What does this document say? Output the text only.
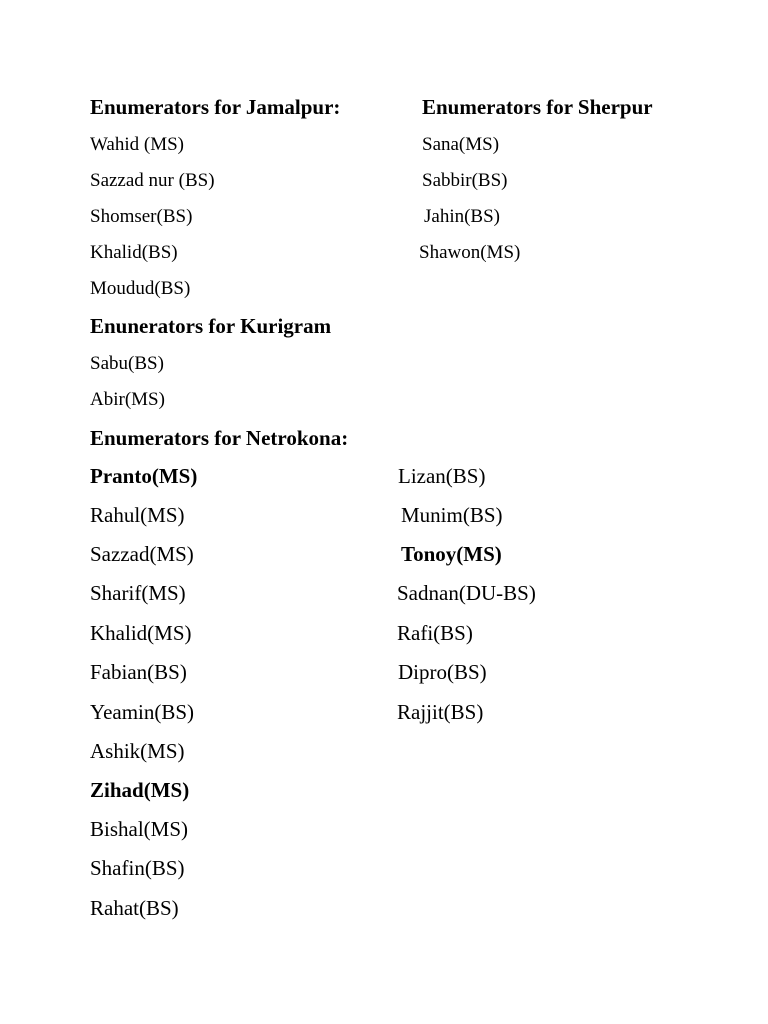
Enumerators for Jamalpur:
Wahid (MS)
Sazzad nur (BS)
Shomser(BS)
Khalid(BS)
Moudud(BS)
Enumerators for Sherpur
Sana(MS)
Sabbir(BS)
Jahin(BS)
Shawon(MS)
Enunerators for Kurigram
Sabu(BS)
Abir(MS)
Enumerators for Netrokona:
Pranto(MS)
Rahul(MS)
Sazzad(MS)
Sharif(MS)
Khalid(MS)
Fabian(BS)
Yeamin(BS)
Ashik(MS)
Zihad(MS)
Bishal(MS)
Shafin(BS)
Rahat(BS)
Lizan(BS)
Munim(BS)
Tonoy(MS)
Sadnan(DU-BS)
Rafi(BS)
Dipro(BS)
Rajjit(BS)
